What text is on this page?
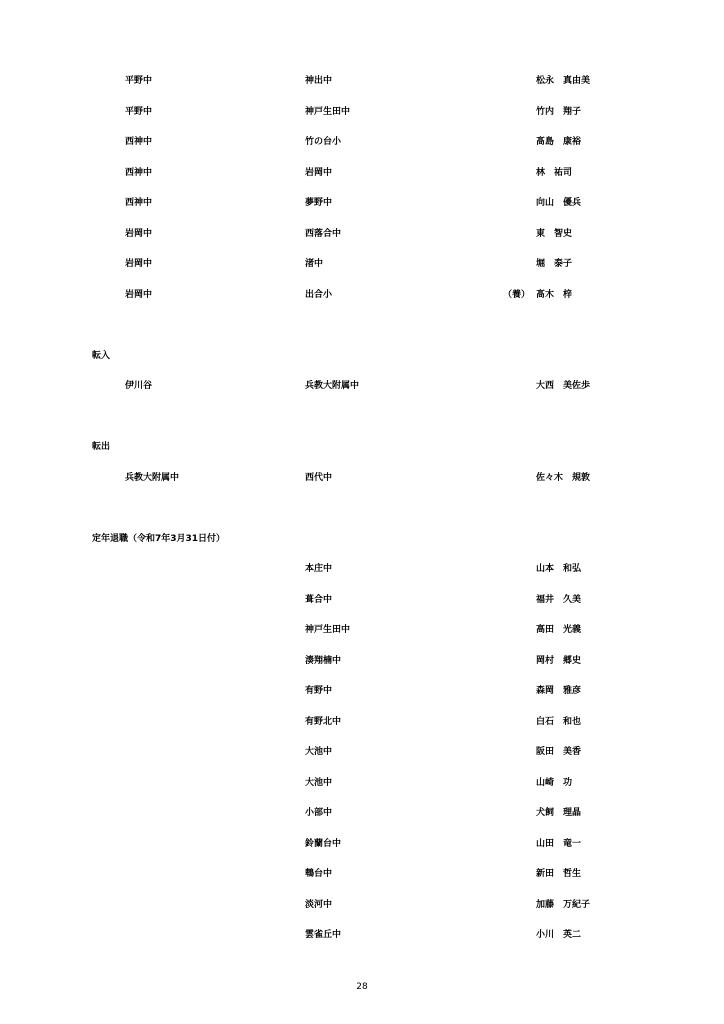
平野中	神出中	松永　真由美
平野中	神戸生田中	竹内　翔子
西神中	竹の台小	髙島　康裕
西神中	岩岡中	林　祐司
西神中	夢野中	向山　優兵
岩岡中	西落合中	東　智史
岩岡中	渚中	堀　泰子
岩岡中	出合小	（養） 髙木　梓
転入
伊川谷	兵教大附属中	大西　美佐歩
転出
兵教大附属中	西代中	佐々木　規敦
定年退職（令和7年3月31日付）
本庄中	山本　和弘
葺合中	福井　久美
神戸生田中	高田　光義
湊翔楠中	岡村　郷史
有野中	森岡　雅彦
有野北中	白石　和也
大池中	阪田　美香
大池中	山崎　功
小部中	犬飼　理晶
鈴蘭台中	山田　竜一
鵯台中	新田　哲生
淡河中	加藤　万紀子
雲雀丘中	小川　英二
28
